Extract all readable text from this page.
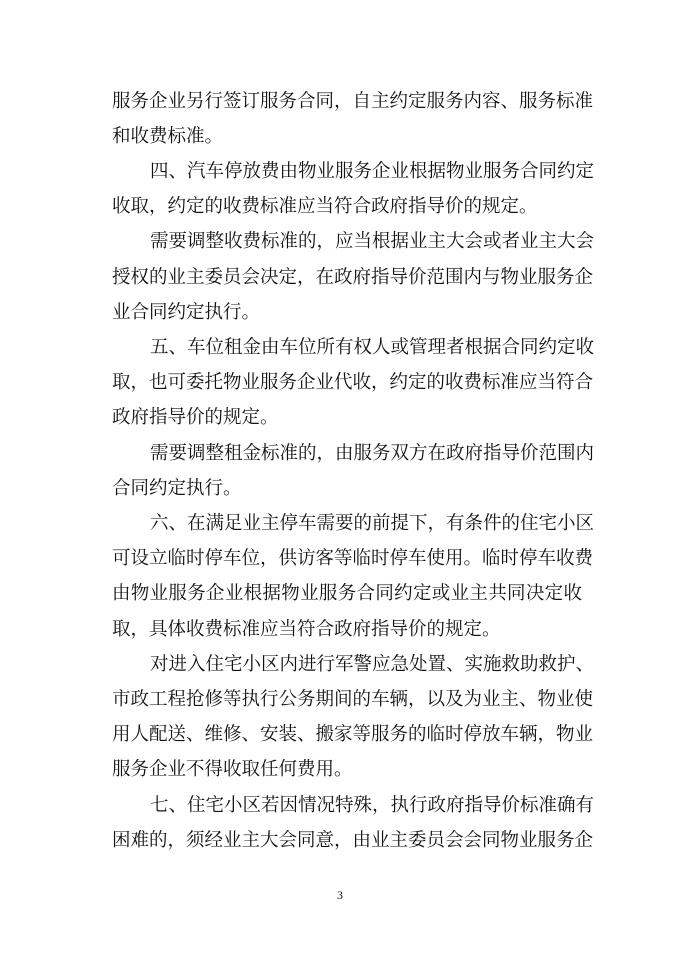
服务企业另行签订服务合同，自主约定服务内容、服务标准
和收费标准。
四、汽车停放费由物业服务企业根据物业服务合同约定
收取，约定的收费标准应当符合政府指导价的规定。
需要调整收费标准的，应当根据业主大会或者业主大会
授权的业主委员会决定，在政府指导价范围内与物业服务企
业合同约定执行。
五、车位租金由车位所有权人或管理者根据合同约定收
取，也可委托物业服务企业代收，约定的收费标准应当符合
政府指导价的规定。
需要调整租金标准的，由服务双方在政府指导价范围内
合同约定执行。
六、在满足业主停车需要的前提下，有条件的住宅小区
可设立临时停车位，供访客等临时停车使用。临时停车收费
由物业服务企业根据物业服务合同约定或业主共同决定收
取，具体收费标准应当符合政府指导价的规定。
对进入住宅小区内进行军警应急处置、实施救助救护、
市政工程抢修等执行公务期间的车辆，以及为业主、物业使
用人配送、维修、安装、搬家等服务的临时停放车辆，物业
服务企业不得收取任何费用。
七、住宅小区若因情况特殊，执行政府指导价标准确有
困难的，须经业主大会同意，由业主委员会会同物业服务企
3
